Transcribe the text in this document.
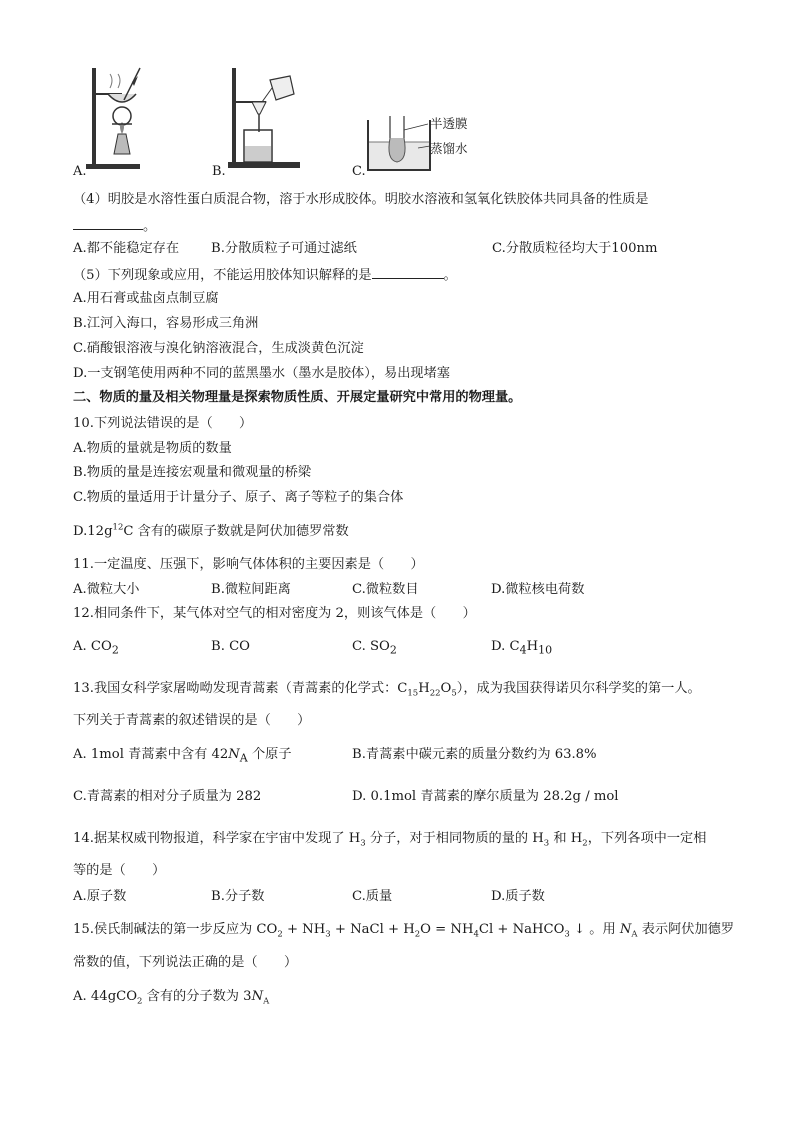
A.	B.	C.
半透膜
蒸馏水
（4）明胶是水溶性蛋白质混合物，溶于水形成胶体。明胶水溶液和氢氧化铁胶体共同具备的性质是
。
A.都不能稳定存在 B.分散质粒子可通过滤纸	C.分散质粒径均大于100nm
（5）下列现象或应用，不能运用胶体知识解释的是	。
A.用石膏或盐卤点制豆腐
B.江河入海口，容易形成三角洲
C.硝酸银溶液与溴化钠溶液混合，生成淡黄色沉淀
D.一支钢笔使用两种不同的蓝黑墨水（墨水是胶体），易出现堵塞
二、物质的量及相关物理量是探索物质性质、开展定量研究中常用的物理量。
10.下列说法错误的是（　　）
A.物质的量就是物质的数量
B.物质的量是连接宏观量和微观量的桥梁
C.物质的量适用于计量分子、原子、离子等粒子的集合体
$D.12g^{12}C$ 含有的碳原子数就是阿伏加德罗常数
11.一定温度、压强下，影响气体体积的主要因素是（　　）
A.微粒大小	B.微粒间距离	C.微粒数目	D.微粒核电荷数
12.相同条件下，某气体对空气的相对密度为 2，则该气体是（　　）
A. $CO_2$	B. CO	C. $SO_2$	D. $C_4H_{10}$
13.我国女科学家屠呦呦发现青蒿素（青蒿素的化学式：$C_{15}H_{22}O_5$），成为我国获得诺贝尔科学奖的第一人。
下列关于青蒿素的叙述错误的是（　　）
A. 1mol 青蒿素中含有 $42N_A$ 个原子	B.青蒿素中碳元素的质量分数约为 63.8%
C.青蒿素的相对分子质量为 282	D. 0.1mol 青蒿素的摩尔质量为 28.2g / mol
14.据某权威刊物报道，科学家在宇宙中发现了 $H_3$ 分子，对于相同物质的量的 $H_3$ 和 $H_2$，下列各项中一定相
等的是（　　）
A.原子数	B.分子数	C.质量	D.质子数
15.侯氏制碱法的第一步反应为 $CO_2 + NH_3$ + NaCl + $H_2O = NH_4Cl$ + NaHCO$_3$ ↓ 。用 $N_A$ 表示阿伏加德罗
常数的值，下列说法正确的是（　　）
A. 44gCO$_2$ 含有的分子数为 $3N_A$
